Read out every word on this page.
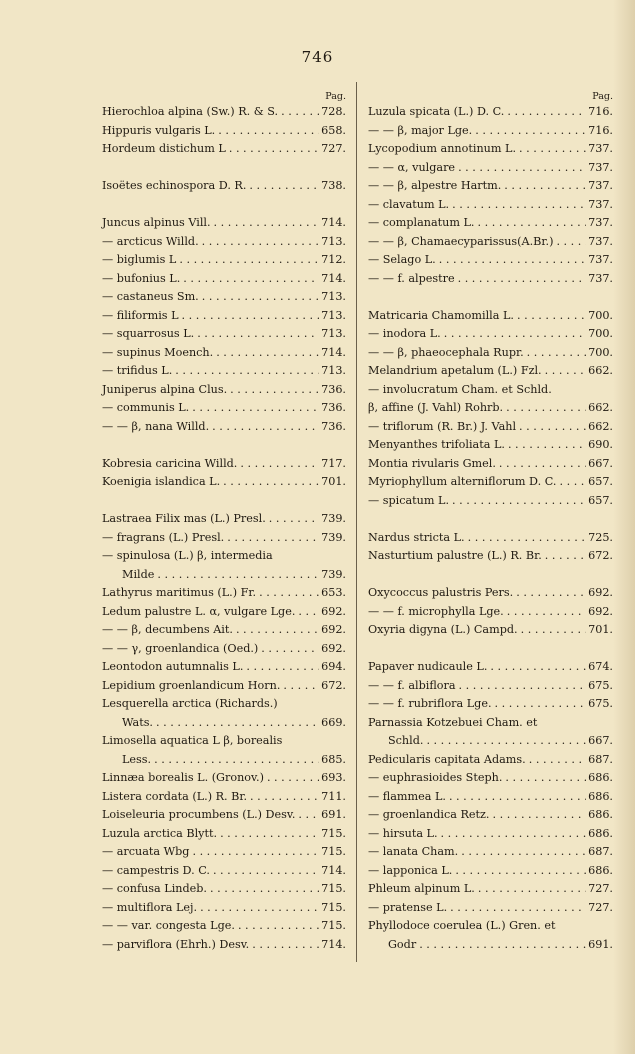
746
Pag.
Hierochloa alpina (Sw.) R. & S. . . .	728.
Hippuris vulgaris L. . . .	658.
Hordeum distichum L . . .	727.
Isoëtes echinospora D. R. . . .	738.
Juncus alpinus Vill. . . .	714.
— arcticus Willd. . . .	713.
— biglumis L . . .	712.
— bufonius L. . . .	714.
— castaneus Sm. . . .	713.
— filiformis L . . .	713.
— squarrosus L. . . .	713.
— supinus Moench. . . .	714.
— trifidus L. . . .	713.
Juniperus alpina Clus. . . .	736.
— communis L. . . .	736.
— — β, nana Willd. . . .	736.
Kobresia caricina Willd. . . .	717.
Koenigia islandica L. . . .	701.
Lastraea Filix mas (L.) Presl. . . .	739.
— fragrans (L.) Presl. . . .	739.
— spinulosa (L.) β, intermedia
Milde . . .	739.
Lathyrus maritimus (L.) Fr. . . .	653.
Ledum palustre L. α, vulgare Lge. . . . 692.
— — β, decumbens Ait. . . .	692.
— — γ, groenlandica (Oed.) . . .	692.
Leontodon autumnalis L. . . .	694.
Lepidium groenlandicum Horn. . . .	672.
Lesquerella arctica (Richards.)
Wats. . . .	669.
Limosella aquatica L β, borealis
Less. . . .	685.
Linnæa borealis L. (Gronov.) . . .	693.
Listera cordata (L.) R. Br. . . .	711.
Loiseleuria procumbens (L.) Desv. . . . 691.
Luzula arctica Blytt. . . .	715.
— arcuata Wbg . . .	715.
— campestris D. C. . . .	714.
— confusa Lindeb. . . .	715.
— multiflora Lej. . . .	715.
— — var. congesta Lge. . . .	715.
— parviflora (Ehrh.) Desv. . . .	714.
Pag.
Luzula spicata (L.) D. C. . . .	716.
— — β, major Lge. . . .	716.
Lycopodium annotinum L. . . .	737.
— — α, vulgare . . .	737.
— — β, alpestre Hartm. . . .	737.
— clavatum L. . . .	737.
— complanatum L. . . .	737.
— — β, Chamaecyparissus(A.Br.) . . .	737.
— Selago L. . . .	737.
— — f. alpestre . . .	737.
Matricaria Chamomilla L. . . .	700.
— inodora L. . . .	700.
— — β, phaeocephala Rupr. . . .	700.
Melandrium apetalum (L.) Fzl. . . .	662.
— involucratum Cham. et Schld.
β, affine (J. Vahl) Rohrb. . . .	662.
— triflorum (R. Br.) J. Vahl . . .	662.
Menyanthes trifoliata L. . . .	690.
Montia rivularis Gmel. . . .	667.
Myriophyllum alterniflorum D. C. . . .	657.
— spicatum L. . . .	657.
Nardus stricta L. . . .	725.
Nasturtium palustre (L.) R. Br. . . .	672.
Oxycoccus palustris Pers. . . .	692.
— — f. microphylla Lge. . . .	692.
Oxyria digyna (L.) Campd. . . .	701.
Papaver nudicaule L. . . .	674.
— — f. albiflora . . .	675.
— — f. rubriflora Lge. . . .	675.
Parnassia Kotzebuei Cham. et
Schld. . . .	667.
Pedicularis capitata Adams. . . .	687.
— euphrasioides Steph. . . .	686.
— flammea L. . . .	686.
— groenlandica Retz. . . .	686.
— hirsuta L. . . .	686.
— lanata Cham. . . .	687.
— lapponica L. . . .	686.
Phleum alpinum L. . . .	727.
— pratense L. . . .	727.
Phyllodoce coerulea (L.) Gren. et
Godr . . .	691.
